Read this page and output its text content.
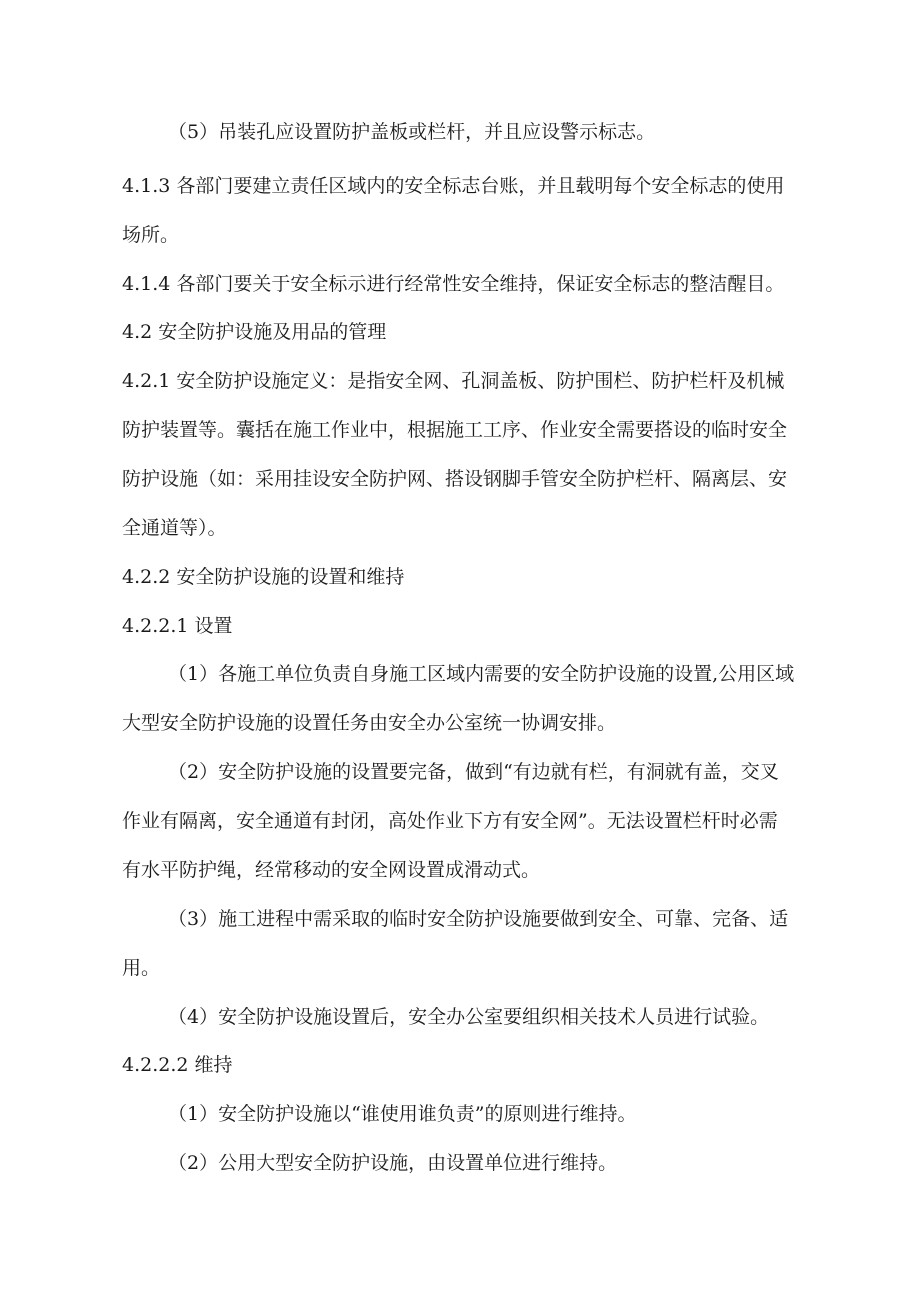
（5）吊装孔应设置防护盖板或栏杆，并且应设警示标志。
4.1.3 各部门要建立责任区域内的安全标志台账，并且载明每个安全标志的使用
场所。
4.1.4 各部门要关于安全标示进行经常性安全维持，保证安全标志的整洁醒目。
4.2 安全防护设施及用品的管理
4.2.1 安全防护设施定义：是指安全网、孔洞盖板、防护围栏、防护栏杆及机械
防护装置等。囊括在施工作业中，根据施工工序、作业安全需要搭设的临时安全
防护设施（如：采用挂设安全防护网、搭设钢脚手管安全防护栏杆、隔离层、安
全通道等）。
4.2.2 安全防护设施的设置和维持
4.2.2.1 设置
（1）各施工单位负责自身施工区域内需要的安全防护设施的设置,公用区域
大型安全防护设施的设置任务由安全办公室统一协调安排。
（2）安全防护设施的设置要完备，做到“有边就有栏，有洞就有盖，交叉
作业有隔离，安全通道有封闭，高处作业下方有安全网”。无法设置栏杆时必需
有水平防护绳，经常移动的安全网设置成滑动式。
（3）施工进程中需采取的临时安全防护设施要做到安全、可靠、完备、适
用。
（4）安全防护设施设置后，安全办公室要组织相关技术人员进行试验。
4.2.2.2 维持
（1）安全防护设施以“谁使用谁负责”的原则进行维持。
（2）公用大型安全防护设施，由设置单位进行维持。
